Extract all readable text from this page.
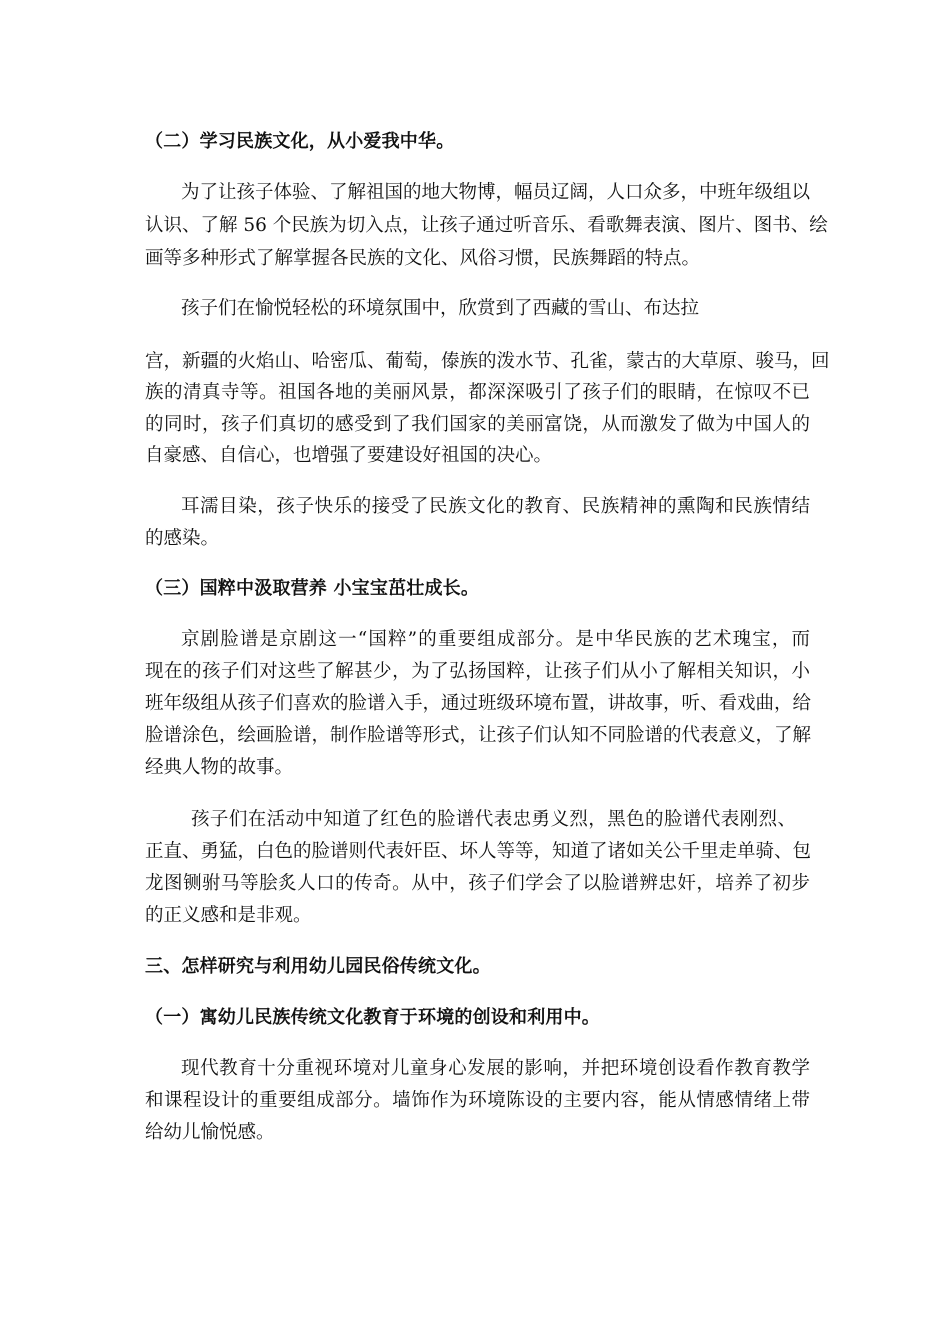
（二）学习民族文化，从小爱我中华。
为了让孩子体验、了解祖国的地大物博，幅员辽阔，人口众多，中班年级组以
认识、了解 56 个民族为切入点，让孩子通过听音乐、看歌舞表演、图片、图书、绘
画等多种形式了解掌握各民族的文化、风俗习惯，民族舞蹈的特点。
孩子们在愉悦轻松的环境氛围中，欣赏到了西藏的雪山、布达拉
宫，新疆的火焰山、哈密瓜、葡萄，傣族的泼水节、孔雀，蒙古的大草原、骏马，回
族的清真寺等。祖国各地的美丽风景，都深深吸引了孩子们的眼睛，在惊叹不已
的同时，孩子们真切的感受到了我们国家的美丽富饶，从而激发了做为中国人的
自豪感、自信心，也增强了要建设好祖国的决心。
耳濡目染，孩子快乐的接受了民族文化的教育、民族精神的熏陶和民族情结
的感染。
（三）国粹中汲取营养 小宝宝茁壮成长。
京剧脸谱是京剧这一“国粹”的重要组成部分。是中华民族的艺术瑰宝，而
现在的孩子们对这些了解甚少，为了弘扬国粹，让孩子们从小了解相关知识，小
班年级组从孩子们喜欢的脸谱入手，通过班级环境布置，讲故事，听、看戏曲，给
脸谱涂色，绘画脸谱，制作脸谱等形式，让孩子们认知不同脸谱的代表意义，了解
经典人物的故事。
孩子们在活动中知道了红色的脸谱代表忠勇义烈，黑色的脸谱代表刚烈、
正直、勇猛，白色的脸谱则代表奸臣、坏人等等，知道了诸如关公千里走单骑、包
龙图铡驸马等脍炙人口的传奇。从中，孩子们学会了以脸谱辨忠奸，培养了初步
的正义感和是非观。
三、怎样研究与利用幼儿园民俗传统文化。
（一）寓幼儿民族传统文化教育于环境的创设和利用中。
现代教育十分重视环境对儿童身心发展的影响，并把环境创设看作教育教学
和课程设计的重要组成部分。墙饰作为环境陈设的主要内容，能从情感情绪上带
给幼儿愉悦感。
